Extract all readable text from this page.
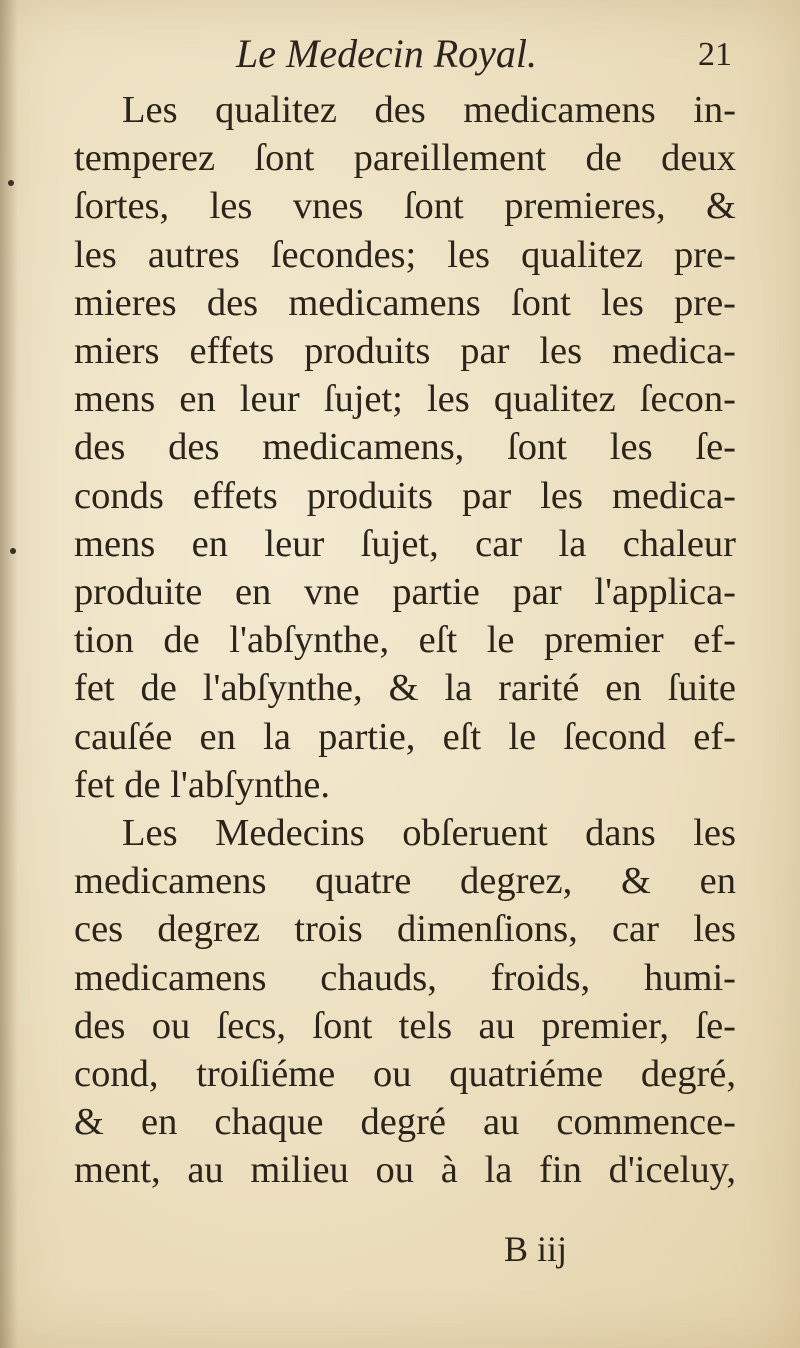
Le Medecin Royal.	21

Les qualitez des medicamens in-
temperez ſont pareillement de deux
ſortes, les vnes ſont premieres, &
les autres ſecondes; les qualitez pre-
mieres des medicamens ſont les pre-
miers effets produits par les medica-
mens en leur ſujet; les qualitez ſecon-
des des medicamens, ſont les ſe-
conds effets produits par les medica-
mens en leur ſujet, car la chaleur
produite en vne partie par l'applica-
tion de l'abſynthe, eſt le premier ef-
fet de l'abſynthe, & la rarité en ſuite
cauſée en la partie, eſt le ſecond ef-
fet de l'abſynthe.

Les Medecins obſeruent dans les
medicamens quatre degrez, & en
ces degrez trois dimenſions, car les
medicamens chauds, froids, humi-
des ou ſecs, ſont tels au premier, ſe-
cond, troiſiéme ou quatriéme degré,
& en chaque degré au commence-
ment, au milieu ou à la fin d'iceluy,

B iij
